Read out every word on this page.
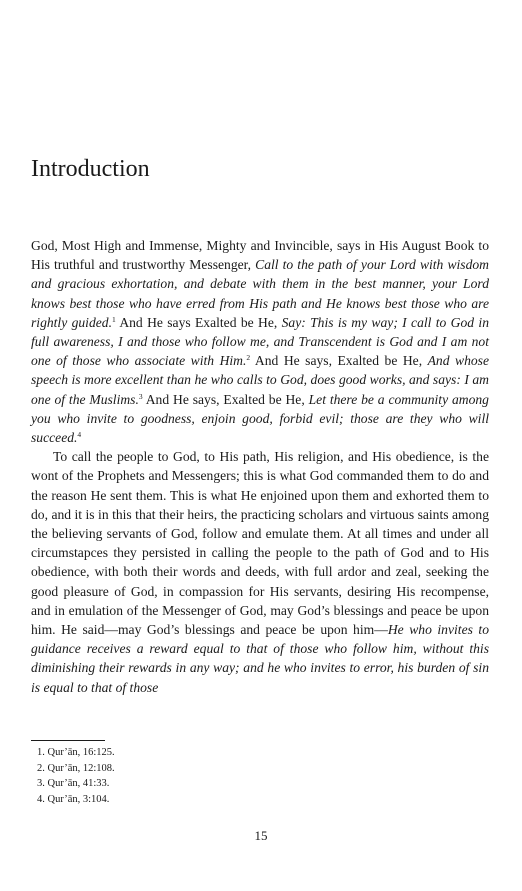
Introduction

God, Most High and Immense, Mighty and Invincible, says in His August Book to His truthful and trustworthy Messenger, Call to the path of your Lord with wisdom and gracious exhortation, and debate with them in the best manner, your Lord knows best those who have erred from His path and He knows best those who are rightly guided.$^1$ And He says Exalted be He, Say: This is my way; I call to God in full awareness, I and those who follow me, and Transcendent is God and I am not one of those who associate with Him.$^2$ And He says, Exalted be He, And whose speech is more excellent than he who calls to God, does good works, and says: I am one of the Muslims.$^3$ And He says, Exalted be He, Let there be a community among you who invite to goodness, enjoin good, forbid evil; those are they who will succeed.$^4$

To call the people to God, to His path, His religion, and His obedience, is the wont of the Prophets and Messengers; this is what God commanded them to do and the reason He sent them. This is what He enjoined upon them and exhorted them to do, and it is in this that their heirs, the practicing scholars and virtuous saints among the believing servants of God, follow and emulate them. At all times and under all circumstapces they persisted in calling the people to the path of God and to His obedience, with both their words and deeds, with full ardor and zeal, seeking the good pleasure of God, in compassion for His servants, desiring His recompense, and in emulation of the Messenger of God, may God’s blessings and peace be upon him. He said—may God’s blessings and peace be upon him—He who invites to guidance receives a reward equal to that of those who follow him, without this diminishing their rewards in any way; and he who invites to error, his burden of sin is equal to that of those

1. Qur’ān, 16:125.
2. Qur’ān, 12:108.
3. Qur’ān, 41:33.
4. Qur’ān, 3:104.
15
